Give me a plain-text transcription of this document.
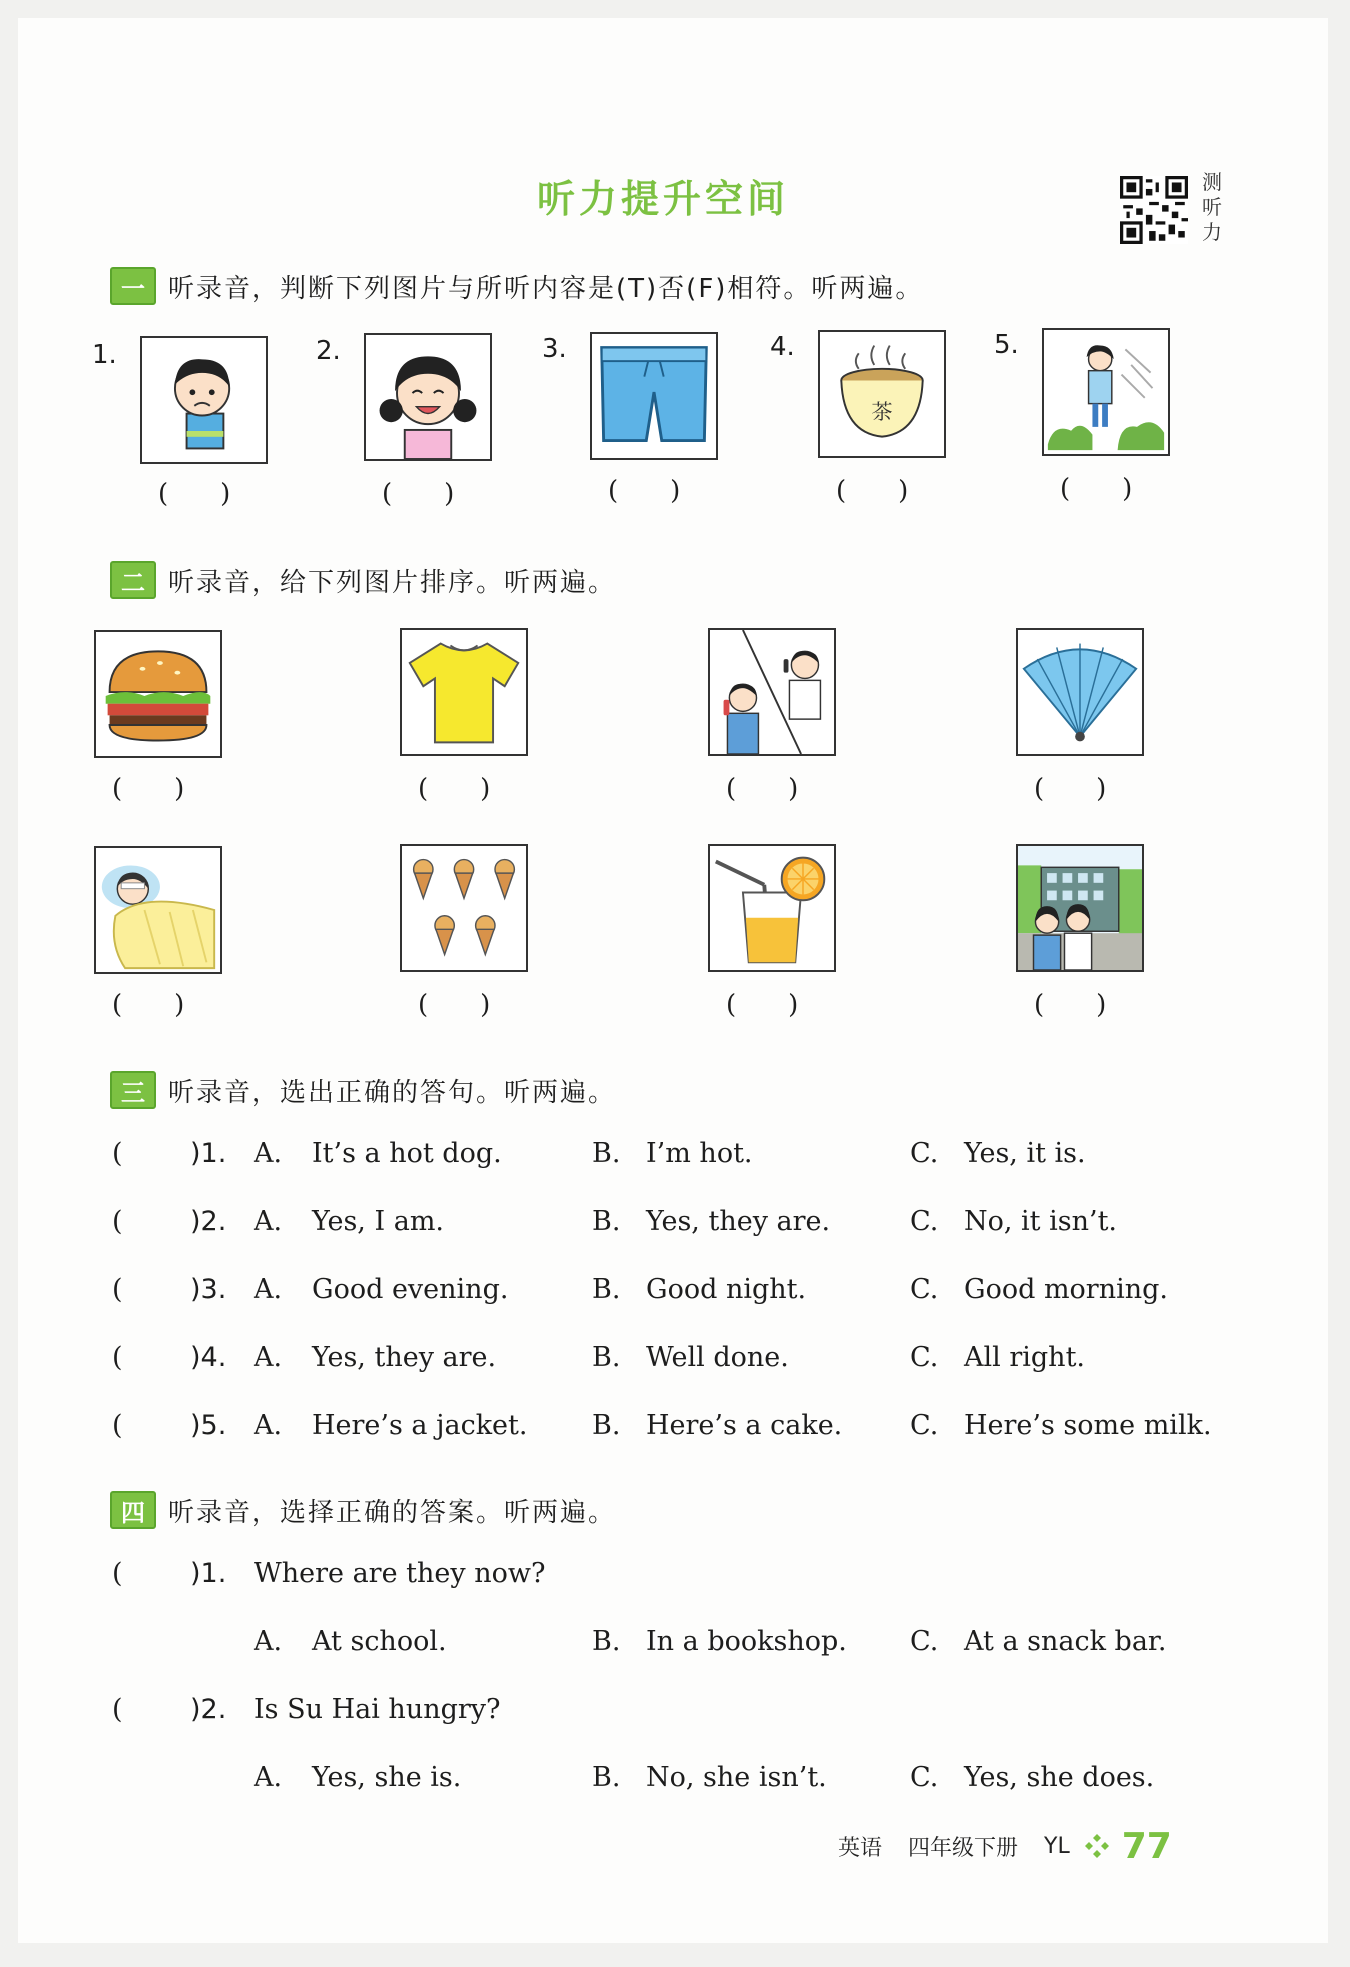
听力提升空间	测听力
一 听录音，判断下列图片与所听内容是(T)否(F)相符。听两遍。
1.
(　　)
2.
(　　)
3.
(　　)
4.
茶
(　　)
5.
(　　)
二 听录音，给下列图片排序。听两遍。
(　　)	(　　)	(　　)	(　　)
(　　)	(　　)	(　　)	(　　)
三 听录音，选出正确的答句。听两遍。
( )1. A. It’s a hot dog.	B. I’m hot.	C. Yes, it is.
( )2. A. Yes, I am.	B. Yes, they are.	C. No, it isn’t.
( )3. A. Good evening.	B. Good night.	C. Good morning.
( )4. A. Yes, they are.	B. Well done.	C. All right.
( )5. A. Here’s a jacket. B. Here’s a cake.	C. Here’s some milk.
四 听录音，选择正确的答案。听两遍。
( )1. Where are they now?
A. At school.	B. In a bookshop. C. At a snack bar.
( )2. Is Su Hai hungry?
A. Yes, she is.	B. No, she isn’t.	C. Yes, she does.
英语 四年级下册 YL 77
